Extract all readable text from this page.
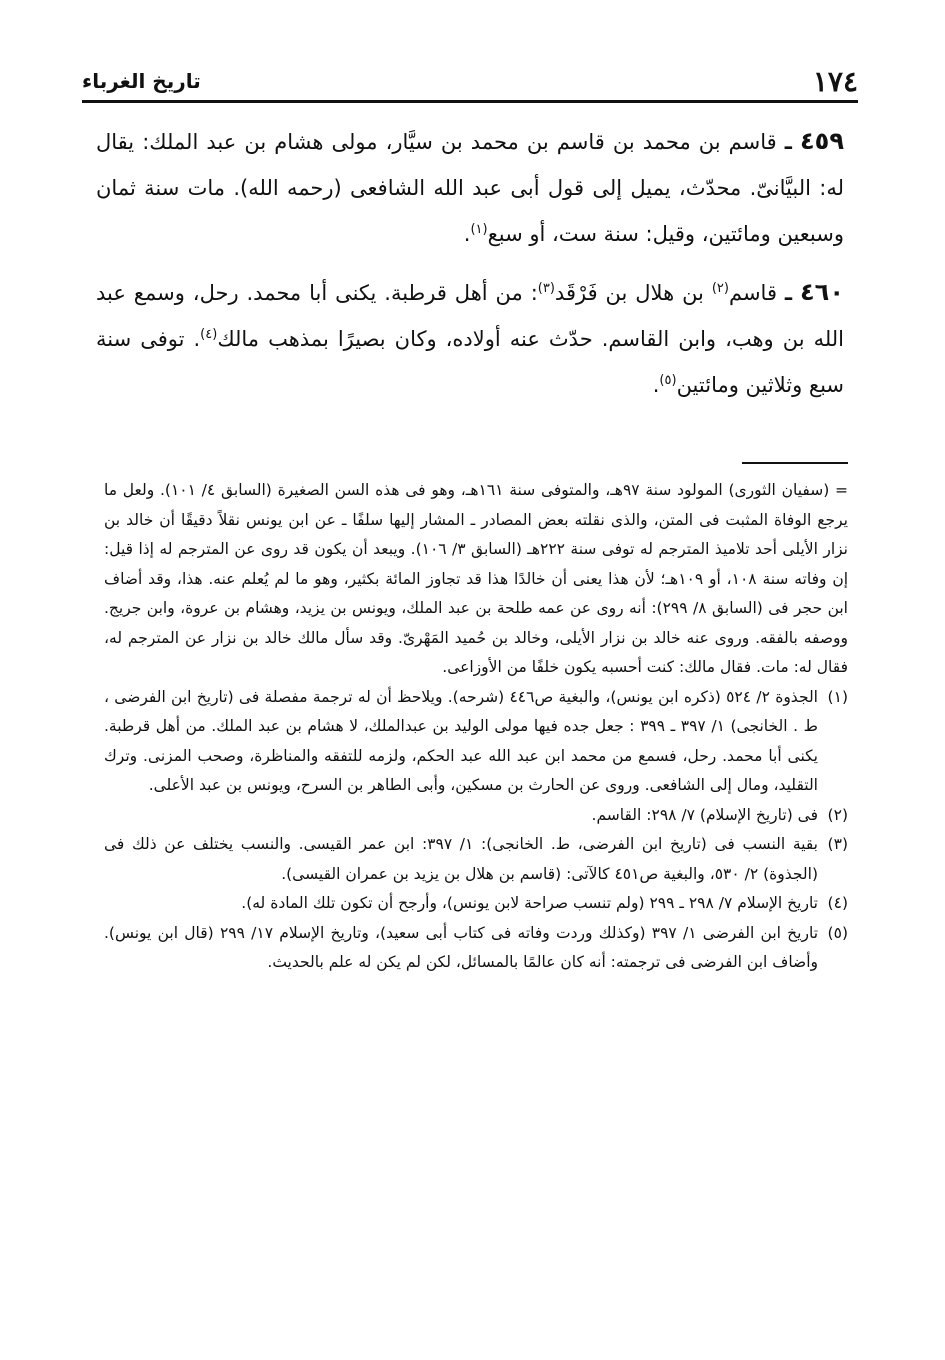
١٧٤
تاريخ الغرباء

٤٥٩ ـ قاسم بن محمد بن قاسم بن محمد بن سيَّار، مولى هشام بن عبد الملك: يقال له: البيَّانىّ. محدّث، يميل إلى قول أبى عبد الله الشافعى (رحمه الله). مات سنة ثمان وسبعين ومائتين، وقيل: سنة ست، أو سبع$^{(١)}$.

٤٦٠ ـ قاسم$^{(٢)}$ بن هلال بن فَرْقَد$^{(٣)}$: من أهل قرطبة. يكنى أبا محمد. رحل، وسمع عبد الله بن وهب، وابن القاسم. حدّث عنه أولاده، وكان بصيرًا بمذهب مالك$^{(٤)}$. توفى سنة سبع وثلاثين ومائتين$^{(٥)}$.

= (سفيان الثورى) المولود سنة ٩٧هـ، والمتوفى سنة ١٦١هـ، وهو فى هذه السن الصغيرة (السابق ٤/ ١٠١). ولعل ما يرجع الوفاة المثبت فى المتن، والذى نقلته بعض المصادر ـ المشار إليها سلفًا ـ عن ابن يونس نقلاً دقيقًا أن خالد بن نزار الأيلى أحد تلاميذ المترجم له توفى سنة ٢٢٢هـ (السابق ٣/ ١٠٦). ويبعد أن يكون قد روى عن المترجم له إذا قيل: إن وفاته سنة ١٠٨، أو ١٠٩هـ؛ لأن هذا يعنى أن خالدًا هذا قد تجاوز المائة بكثير، وهو ما لم يُعلم عنه. هذا، وقد أضاف ابن حجر فى (السابق ٨/ ٢٩٩): أنه روى عن عمه طلحة بن عبد الملك، ويونس بن يزيد، وهشام بن عروة، وابن جريج. ووصفه بالفقه. وروى عنه خالد بن نزار الأيلى، وخالد بن حُميد المَهْرىّ. وقد سأل مالك خالد بن نزار عن المترجم له، فقال له: مات. فقال مالك: كنت أحسبه يكون خلفًا من الأوزاعى.

(١)
الجذوة ٢/ ٥٢٤ (ذكره ابن يونس)، والبغية ص٤٤٦ (شرحه). ويلاحظ أن له ترجمة مفصلة فى (تاريخ ابن الفرضى ، ط . الخانجى) ١/ ٣٩٧ ـ ٣٩٩ : جعل جده فيها مولى الوليد بن عبدالملك، لا هشام بن عبد الملك. من أهل قرطبة. يكنى أبا محمد. رحل، فسمع من محمد ابن عبد الله عبد الحكم، ولزمه للتفقه والمناظرة، وصحب المزنى. وترك التقليد، ومال إلى الشافعى. وروى عن الحارث بن مسكين، وأبى الطاهر بن السرح، ويونس بن عبد الأعلى.

(٢)
فى (تاريخ الإسلام) ٧/ ٢٩٨: القاسم.

(٣)
بقية النسب فى (تاريخ ابن الفرضى، ط. الخانجى): ١/ ٣٩٧: ابن عمر القيسى. والنسب يختلف عن ذلك فى (الجذوة) ٢/ ٥٣٠، والبغية ص٤٥١ كالآتى: (قاسم بن هلال بن يزيد بن عمران القيسى).

(٤)
تاريخ الإسلام ٧/ ٢٩٨ ـ ٢٩٩ (ولم تنسب صراحة لابن يونس)، وأرجح أن تكون تلك المادة له).

(٥)
تاريخ ابن الفرضى ١/ ٣٩٧ (وكذلك وردت وفاته فى كتاب أبى سعيد)، وتاريخ الإسلام ١٧/ ٢٩٩ (قال ابن يونس). وأضاف ابن الفرضى فى ترجمته: أنه كان عالمًا بالمسائل، لكن لم يكن له علم بالحديث.
